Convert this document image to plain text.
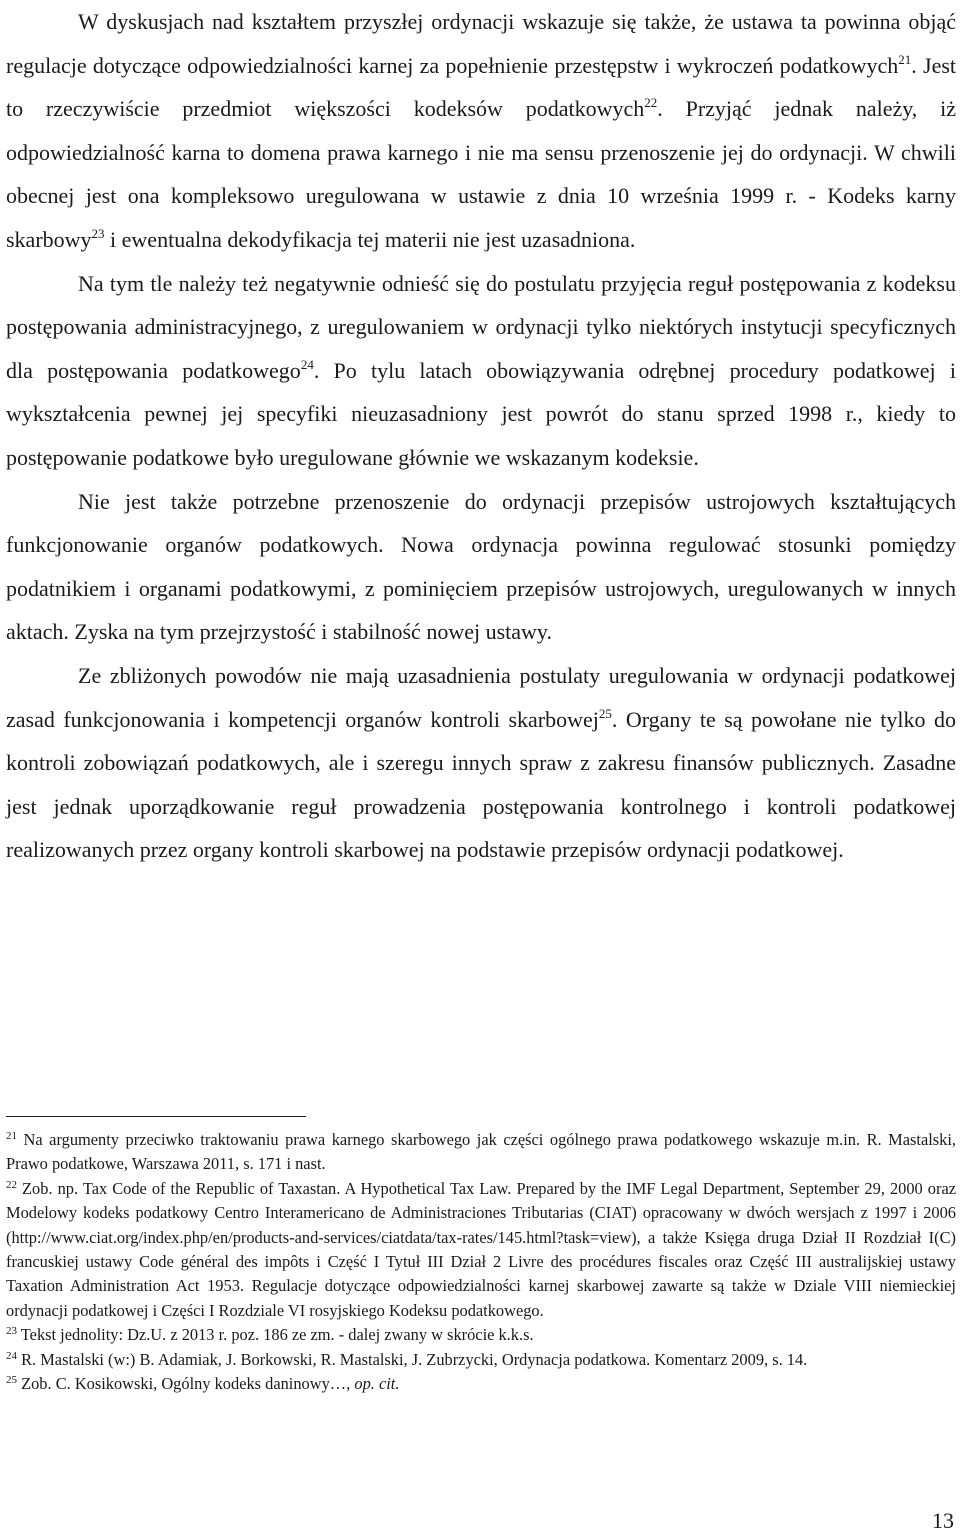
W dyskusjach nad kształtem przyszłej ordynacji wskazuje się także, że ustawa ta powinna objąć regulacje dotyczące odpowiedzialności karnej za popełnienie przestępstw i wykroczeń podatkowych$^{21}$. Jest to rzeczywiście przedmiot większości kodeksów podatkowych$^{22}$. Przyjąć jednak należy, iż odpowiedzialność karna to domena prawa karnego i nie ma sensu przenoszenie jej do ordynacji. W chwili obecnej jest ona kompleksowo uregulowana w ustawie z dnia 10 września 1999 r. - Kodeks karny skarbowy$^{23}$ i ewentualna dekodyfikacja tej materii nie jest uzasadniona.

Na tym tle należy też negatywnie odnieść się do postulatu przyjęcia reguł postępowania z kodeksu postępowania administracyjnego, z uregulowaniem w ordynacji tylko niektórych instytucji specyficznych dla postępowania podatkowego$^{24}$. Po tylu latach obowiązywania odrębnej procedury podatkowej i wykształcenia pewnej jej specyfiki nieuzasadniony jest powrót do stanu sprzed 1998 r., kiedy to postępowanie podatkowe było uregulowane głównie we wskazanym kodeksie.

Nie jest także potrzebne przenoszenie do ordynacji przepisów ustrojowych kształtujących funkcjonowanie organów podatkowych. Nowa ordynacja powinna regulować stosunki pomiędzy podatnikiem i organami podatkowymi, z pominięciem przepisów ustrojowych, uregulowanych w innych aktach. Zyska na tym przejrzystość i stabilność nowej ustawy.

Ze zbliżonych powodów nie mają uzasadnienia postulaty uregulowania w ordynacji podatkowej zasad funkcjonowania i kompetencji organów kontroli skarbowej$^{25}$. Organy te są powołane nie tylko do kontroli zobowiązań podatkowych, ale i szeregu innych spraw z zakresu finansów publicznych. Zasadne jest jednak uporządkowanie reguł prowadzenia postępowania kontrolnego i kontroli podatkowej realizowanych przez organy kontroli skarbowej na podstawie przepisów ordynacji podatkowej.

$^{21}$ Na argumenty przeciwko traktowaniu prawa karnego skarbowego jak części ogólnego prawa podatkowego wskazuje m.in. R. Mastalski, Prawo podatkowe, Warszawa 2011, s. 171 i nast.

$^{22}$ Zob. np. Tax Code of the Republic of Taxastan. A Hypothetical Tax Law. Prepared by the IMF Legal Department, September 29, 2000 oraz Modelowy kodeks podatkowy Centro Interamericano de Administraciones Tributarias (CIAT) opracowany w dwóch wersjach z 1997 i 2006 (http://www.ciat.org/index.php/en/products-and-services/ciatdata/tax-rates/145.html?task=view), a także Księga druga Dział II Rozdział I(C) francuskiej ustawy Code général des impôts i Część I Tytuł III Dział 2 Livre des procédures fiscales oraz Część III australijskiej ustawy Taxation Administration Act 1953. Regulacje dotyczące odpowiedzialności karnej skarbowej zawarte są także w Dziale VIII niemieckiej ordynacji podatkowej i Części I Rozdziale VI rosyjskiego Kodeksu podatkowego.

$^{23}$ Tekst jednolity: Dz.U. z 2013 r. poz. 186 ze zm. - dalej zwany w skrócie k.k.s.

$^{24}$ R. Mastalski (w:) B. Adamiak, J. Borkowski, R. Mastalski, J. Zubrzycki, Ordynacja podatkowa. Komentarz 2009, s. 14.

$^{25}$ Zob. C. Kosikowski, Ogólny kodeks daninowy…, op. cit.

13
